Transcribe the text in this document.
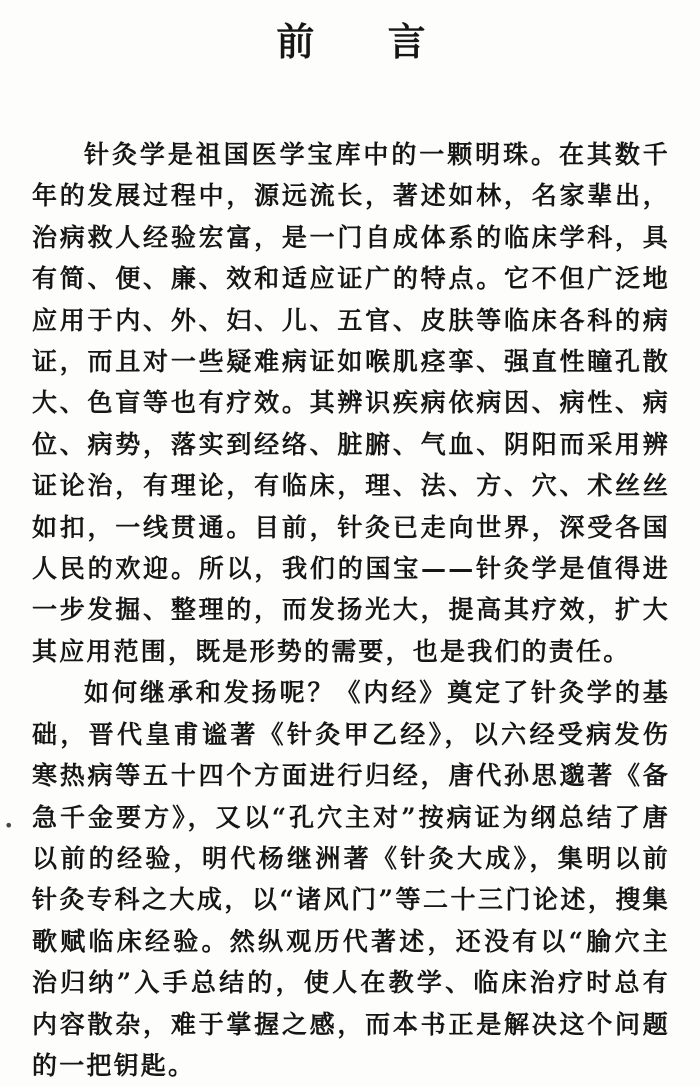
前 言

针灸学是祖国医学宝库中的一颗明珠。在其数千年的发展过程中，源远流长，著述如林，名家辈出，治病救人经验宏富，是一门自成体系的临床学科，具有简、便、廉、效和适应证广的特点。它不但广泛地应用于内、外、妇、儿、五官、皮肤等临床各科的病证，而且对一些疑难病证如喉肌痉挛、强直性瞳孔散大、色盲等也有疗效。其辨识疾病依病因、病性、病位、病势，落实到经络、脏腑、气血、阴阳而采用辨证论治，有理论，有临床，理、法、方、穴、术丝丝如扣，一线贯通。目前，针灸已走向世界，深受各国人民的欢迎。所以，我们的国宝——针灸学是值得进一步发掘、整理的，而发扬光大，提高其疗效，扩大其应用范围，既是形势的需要，也是我们的责任。

如何继承和发扬呢？《内经》奠定了针灸学的基础，晋代皇甫谧著《针灸甲乙经》，以六经受病发伤寒热病等五十四个方面进行归经，唐代孙思邈著《备急千金要方》，又以“孔穴主对”按病证为纲总结了唐以前的经验，明代杨继洲著《针灸大成》，集明以前针灸专科之大成，以“诸风门”等二十三门论述，搜集歌赋临床经验。然纵观历代著述，还没有以“腧穴主治归纳”入手总结的，使人在教学、临床治疗时总有内容散杂，难于掌握之感，而本书正是解决这个问题的一把钥匙。

•
